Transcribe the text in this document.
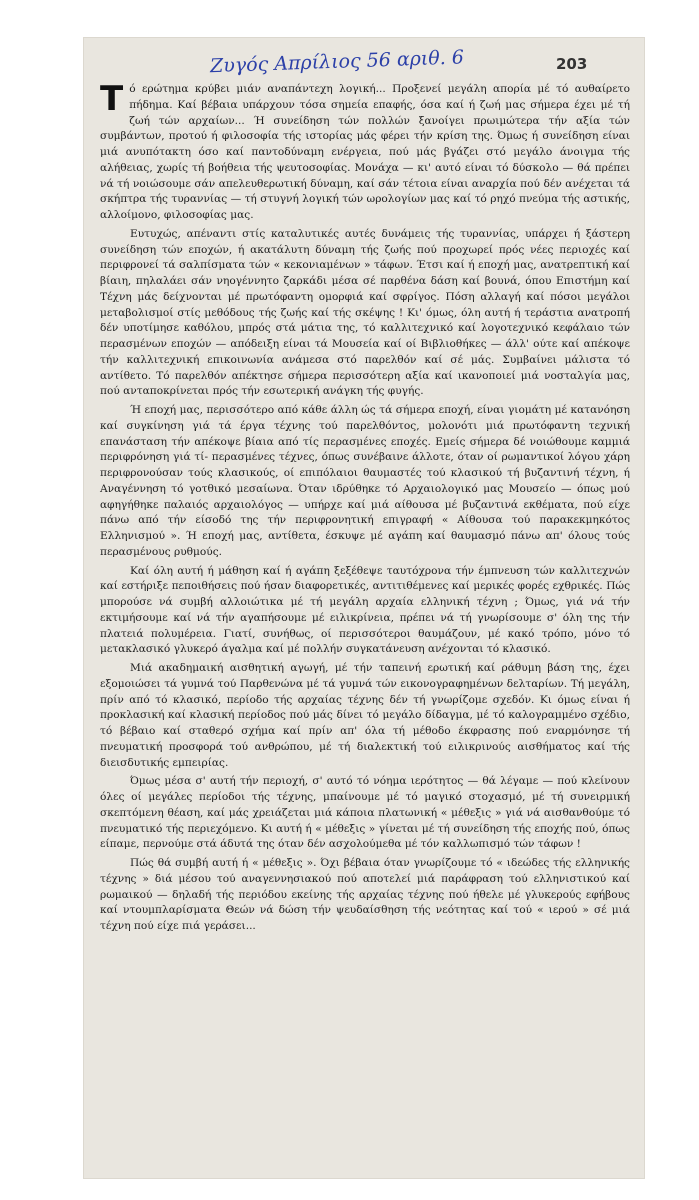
Ζυγός Απρίλιος 56 αριθ. 6	203

Τό ερώτημα κρύβει μιάν αναπάντεχη λογική... Προξενεί μεγάλη απορία μέ τό αυθαίρετο πήδημα. Καί βέβαια υπάρχουν τόσα σημεία επαφής, όσα καί ή ζωή μας σήμερα έχει μέ τή ζωή τών αρχαίων... Ή συνείδηση τών πολλών ξανοίγει πρωιμώτερα τήν αξία τών συμβάντων, προτού ή φιλοσοφία τής ιστορίας μάς φέρει τήν κρίση της. Όμως ή συνείδηση είναι μιά ανυπότακτη όσο καί παντοδύναμη ενέργεια, πού μάς βγάζει στό μεγάλο άνοιγμα τής αλήθειας, χωρίς τή βοήθεια τής ψευτοσοφίας. Μονάχα — κι' αυτό είναι τό δύσκολο — θά πρέπει νά τή νοιώσουμε σάν απελευθερωτική δύναμη, καί σάν τέτοια είναι αναρχία πού δέν ανέχεται τά σκήπτρα τής τυραννίας — τή στυγνή λογική τών ωρολογίων μας καί τό ρηχό πνεύμα τής αστικής, αλλοίμονο, φιλοσοφίας μας.

Ευτυχώς, απέναντι στίς καταλυτικές αυτές δυνάμεις τής τυραννίας, υπάρχει ή ξάστερη συνείδηση τών εποχών, ή ακατάλυτη δύναμη τής ζωής πού προχωρεί πρός νέες περιοχές καί περιφρονεί τά σαλπίσματα τών « κεκονιαμένων » τάφων. Έτσι καί ή εποχή μας, ανατρεπτική καί βίαιη, πηλαλάει σάν νηογέννητο ζαρκάδι μέσα σέ παρθένα δάση καί βουνά, όπου Επιστήμη καί Τέχνη μάς δείχνονται μέ πρωτόφαντη ομορφιά καί σφρίγος. Πόση αλλαγή καί πόσοι μεγάλοι μεταβολισμοί στίς μεθόδους τής ζωής καί τής σκέψης ! Κι' όμως, όλη αυτή ή τεράστια ανατροπή δέν υποτίμησε καθόλου, μπρός στά μάτια της, τό καλλιτεχνικό καί λογοτεχνικό κεφάλαιο τών περασμένων εποχών — απόδειξη είναι τά Μουσεία καί οί Βιβλιοθήκες — άλλ' ούτε καί απέκοψε τήν καλλιτεχνική επικοινωνία ανάμεσα στό παρελθόν καί σέ μάς. Συμβαίνει μάλιστα τό αντίθετο. Τό παρελθόν απέκτησε σήμερα περισσότερη αξία καί ικανοποιεί μιά νοσταλγία μας, πού ανταποκρίνεται πρός τήν εσωτερική ανάγκη τής φυγής.

Ή εποχή μας, περισσότερο από κάθε άλλη ώς τά σήμερα εποχή, είναι γιομάτη μέ κατανόηση καί συγκίνηση γιά τά έργα τέχνης τού παρελθόντος, μολονότι μιά πρωτόφαντη τεχνική επανάσταση τήν απέκοψε βίαια από τίς περασμένες εποχές. Εμείς σήμερα δέ νοιώθουμε καμμιά περιφρόνηση γιά τί- περασμένες τέχνες, όπως συνέβαινε άλλοτε, όταν οί ρωμαντικοί λόγου χάρη περιφρονούσαν τούς κλασικούς, οί επιπόλαιοι θαυμαστές τού κλασικού τή βυζαντινή τέχνη, ή Αναγέννηση τό γοτθικό μεσαίωνα. Όταν ιδρύθηκε τό Αρχαιολογικό μας Μουσείο — όπως μού αφηγήθηκε παλαιός αρχαιολόγος — υπήρχε καί μιά αίθουσα μέ βυζαντινά εκθέματα, πού είχε πάνω από τήν είσοδό της τήν περιφρονητική επιγραφή « Αίθουσα τού παρακεκμηκότος Ελληνισμού ». Ή εποχή μας, αντίθετα, έσκυψε μέ αγάπη καί θαυμασμό πάνω απ' όλους τούς περασμένους ρυθμούς.

Καί όλη αυτή ή μάθηση καί ή αγάπη ξεξέθεψε ταυτόχρονα τήν έμπνευση τών καλλιτεχνών καί εστήριξε πεποιθήσεις πού ήσαν διαφορετικές, αντιτιθέμενες καί μερικές φορές εχθρικές. Πώς μπορούσε νά συμβή αλλοιώτικα μέ τή μεγάλη αρχαία ελληνική τέχνη ; Όμως, γιά νά τήν εκτιμήσουμε καί νά τήν αγαπήσουμε μέ ειλικρίνεια, πρέπει νά τή γνωρίσουμε σ' όλη της τήν πλατειά πολυμέρεια. Γιατί, συνήθως, οί περισσότεροι θαυμάζουν, μέ κακό τρόπο, μόνο τό μετακλασικό γλυκερό άγαλμα καί μέ πολλήν συγκατάνευση ανέχονται τό κλασικό.

Μιά ακαδημαική αισθητική αγωγή, μέ τήν ταπεινή ερωτική καί ράθυμη βάση της, έχει εξομοιώσει τά γυμνά τού Παρθενώνα μέ τά γυμνά τών εικονογραφημένων δελταρίων. Τή μεγάλη, πρίν από τό κλασικό, περίοδο τής αρχαίας τέχνης δέν τή γνωρίζομε σχεδόν. Κι όμως είναι ή προκλασική καί κλασική περίοδος πού μάς δίνει τό μεγάλο δίδαγμα, μέ τό καλογραμμένο σχέδιο, τό βέβαιο καί σταθερό σχήμα καί πρίν απ' όλα τή μέθοδο έκφρασης πού εναρμόνησε τή πνευματική προσφορά τού ανθρώπου, μέ τή διαλεκτική τού ειλικρινούς αισθήματος καί τής διεισδυτικής εμπειρίας.

Όμως μέσα σ' αυτή τήν περιοχή, σ' αυτό τό νόημα ιερότητος — θά λέγαμε — πού κλείνουν όλες οί μεγάλες περίοδοι τής τέχνης, μπαίνουμε μέ τό μαγικό στοχασμό, μέ τή συνειρμική σκεπτόμενη θέαση, καί μάς χρειάζεται μιά κάποια πλατωνική « μέθεξις » γιά νά αισθανθούμε τό πνευματικό τής περιεχόμενο. Κι αυτή ή « μέθεξις » γίνεται μέ τή συνείδηση τής εποχής πού, όπως είπαμε, περνούμε στά άδυτά της όταν δέν ασχολούμεθα μέ τόν καλλωπισμό τών τάφων !

Πώς θά συμβή αυτή ή « μέθεξις ». Όχι βέβαια όταν γνωρίζουμε τό « ιδεώδες τής ελληνικής τέχνης » διά μέσου τού αναγεννησιακού πού αποτελεί μιά παράφραση τού ελληνιστικού καί ρωμαικού — δηλαδή τής περιόδου εκείνης τής αρχαίας τέχνης πού ήθελε μέ γλυκερούς εφήβους καί ντουμπλαρίσματα Θεών νά δώση τήν ψευδαίσθηση τής νεότητας καί τού « ιερού » σέ μιά τέχνη πού είχε πιά γεράσει...
